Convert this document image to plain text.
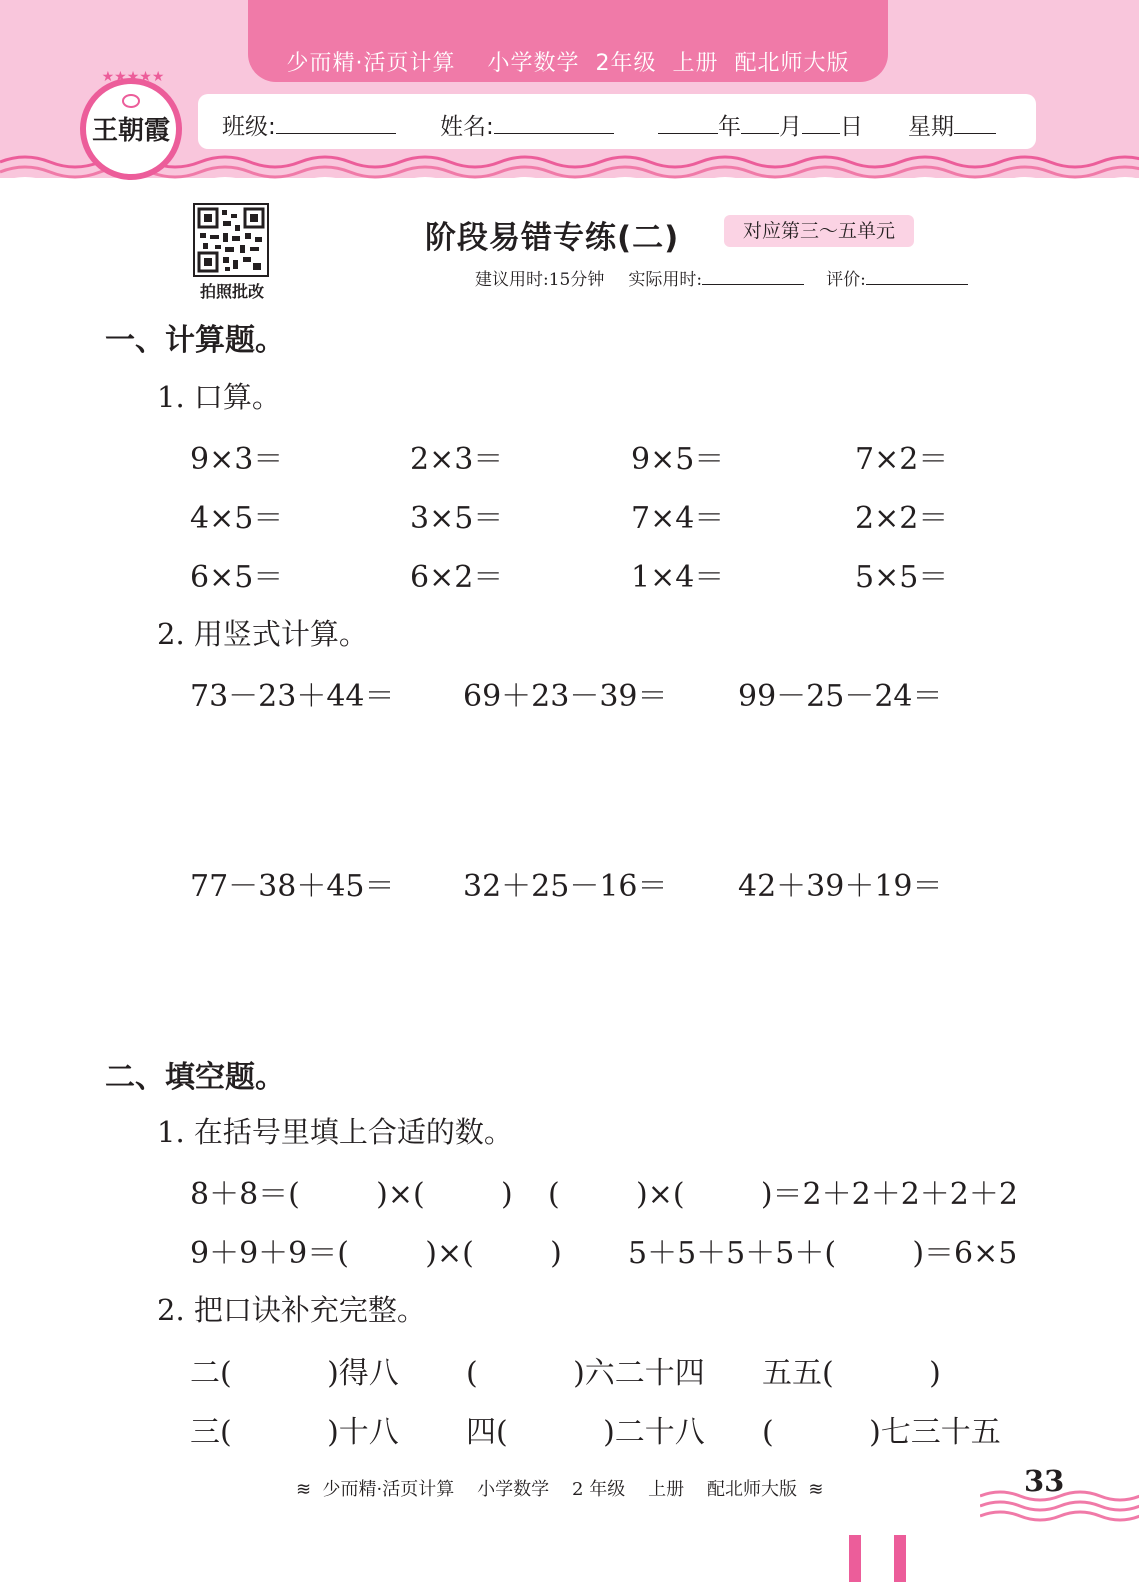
少而精·活页计算    小学数学  2年级  上册  配北师大版
班级:	姓名:	年 月 日 星期
★★★★★
王朝霞
拍照批改
阶段易错专练(二)	对应第三～五单元
建议用时:15分钟 实际用时:	评价:
一、计算题。
1. 口算。
9×3＝	2×3＝	9×5＝	7×2＝
4×5＝	3×5＝	7×4＝	2×2＝
6×5＝	6×2＝	1×4＝	5×5＝
2. 用竖式计算。
73－23＋44＝ 69＋23－39＝ 99－25－24＝
77－38＋45＝ 32＋25－16＝ 42＋39＋19＝
二、填空题。
1. 在括号里填上合适的数。
8＋8＝(        )×(        ) (        )×(        )＝2＋2＋2＋2＋2
9＋9＋9＝(        )×(        ) 5＋5＋5＋5＋(        )＝6×5
2. 把口诀补充完整。
二(          )得八 (          )六二十四 五五(          )
三(          )十八 四(          )二十八 (          )七三十五
≋  少而精·活页计算    小学数学    2 年级    上册    配北师大版  ≋	33
